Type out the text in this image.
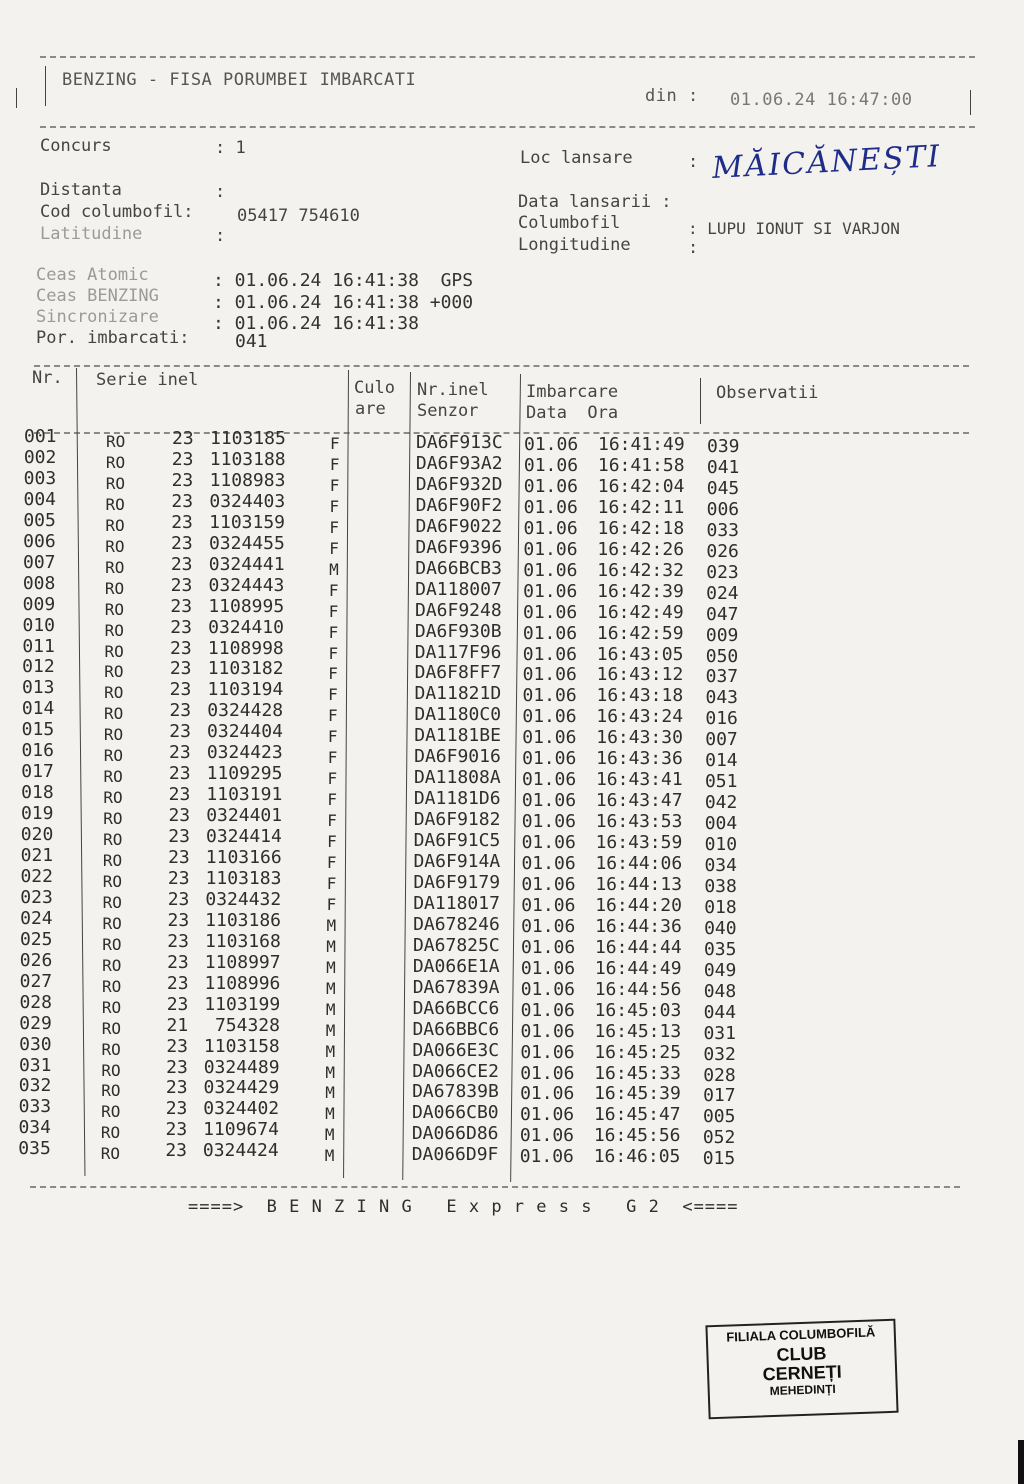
BENZING - FISA PORUMBEI IMBARCATI
din : 01.06.24 16:47:00
Concurs	: 1
Distanta	:
Cod columbofil:	05417 754610
Latitudine	:
Loc lansare	: MĂICĂNEȘTI
Data lansarii :
Columbofil	: LUPU IONUT SI VARJON
Longitudine	:
Ceas Atomic	: 01.06.24 16:41:38  GPS
Ceas BENZING	: 01.06.24 16:41:38 +000
Sincronizare	: 01.06.24 16:41:38
Por. imbarcati:	041
Nr. Serie inel	Culo
are
Nr.inel
Senzor
Imbarcare
Data  Ora
Observatii
001	RO	23 1103185	F	DA6F913C 01.06 16:41:49 039
002	RO	23 1103188	F	DA6F93A2 01.06 16:41:58 041
003	RO	23 1108983	F	DA6F932D 01.06 16:42:04 045
004	RO	23 0324403	F	DA6F90F2 01.06 16:42:11 006
005	RO	23 1103159	F	DA6F9022 01.06 16:42:18 033
006	RO	23 0324455	F	DA6F9396 01.06 16:42:26 026
007	RO	23 0324441	M	DA66BCB3 01.06 16:42:32 023
008	RO	23 0324443	F	DA118007 01.06 16:42:39 024
009	RO	23 1108995	F	DA6F9248 01.06 16:42:49 047
010	RO	23 0324410	F	DA6F930B 01.06 16:42:59 009
011	RO	23 1108998	F	DA117F96 01.06 16:43:05 050
012	RO	23 1103182	F	DA6F8FF7 01.06 16:43:12 037
013	RO	23 1103194	F	DA11821D 01.06 16:43:18 043
014	RO	23 0324428	F	DA1180C0 01.06 16:43:24 016
015	RO	23 0324404	F	DA1181BE 01.06 16:43:30 007
016	RO	23 0324423	F	DA6F9016 01.06 16:43:36 014
017	RO	23 1109295	F	DA11808A 01.06 16:43:41 051
018	RO	23 1103191	F	DA1181D6 01.06 16:43:47 042
019	RO	23 0324401	F	DA6F9182 01.06 16:43:53 004
020	RO	23 0324414	F	DA6F91C5 01.06 16:43:59 010
021	RO	23 1103166	F	DA6F914A 01.06 16:44:06 034
022	RO	23 1103183	F	DA6F9179 01.06 16:44:13 038
023	RO	23 0324432	F	DA118017 01.06 16:44:20 018
024	RO	23 1103186	M	DA678246 01.06 16:44:36 040
025	RO	23 1103168	M	DA67825C 01.06 16:44:44 035
026	RO	23 1108997	M	DA066E1A 01.06 16:44:49 049
027	RO	23 1108996	M	DA67839A 01.06 16:44:56 048
028	RO	23 1103199	M	DA66BCC6 01.06 16:45:03 044
029	RO	21 754328	M	DA66BBC6 01.06 16:45:13 031
030	RO	23 1103158	M	DA066E3C 01.06 16:45:25 032
031	RO	23 0324489	M	DA066CE2 01.06 16:45:33 028
032	RO	23 0324429	M	DA67839B 01.06 16:45:39 017
033	RO	23 0324402	M	DA066CB0 01.06 16:45:47 005
034	RO	23 1109674	M	DA066D86 01.06 16:45:56 052
035	RO	23 0324424	M	DA066D9F 01.06 16:46:05 015
====>  B E N Z I N G   E x p r e s s   G 2  <====
FILIALA COLUMBOFILĂ
CLUB
CERNEȚI
MEHEDINȚI
